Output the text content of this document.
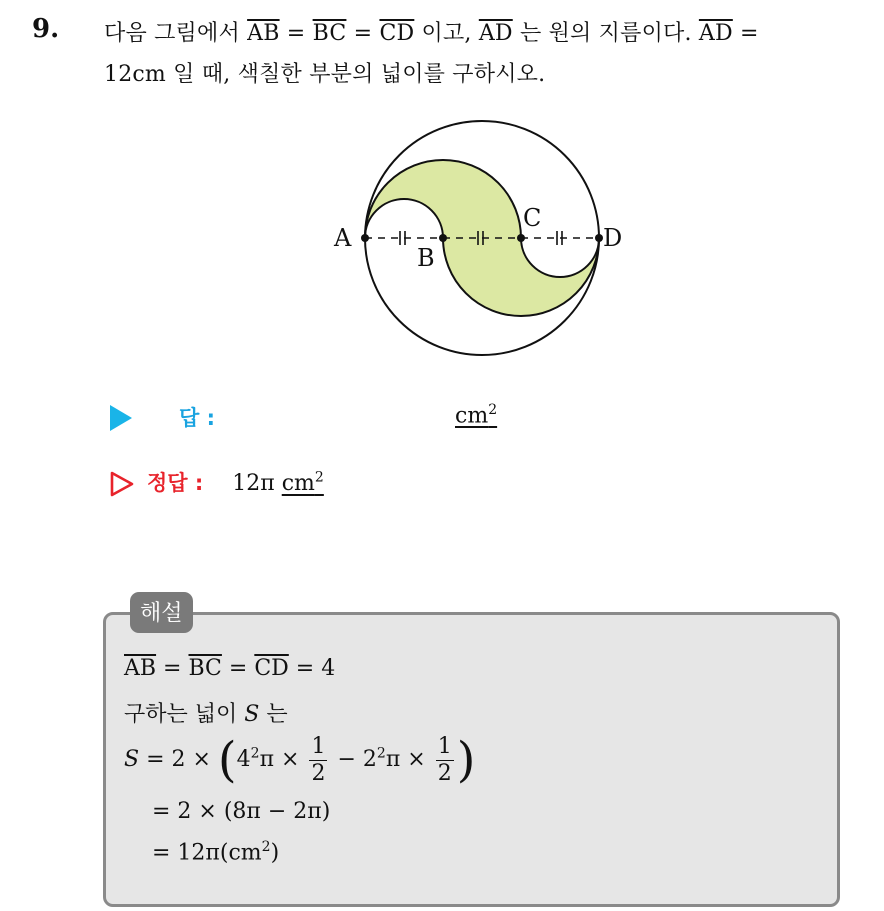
9. 다음 그림에서 $\overline{AB} = \overline{BC} = \overline{CD}$ 이고, $\overline{AD}$ 는 원의 지름이다. $\overline{AD}$ =
12cm 일 때, 색칠한 부분의 넓이를 구하시오.
A
B
C
D
답 :	$cm^2$
정답 : 12π $cm^2$
해설
$\overline{AB} = \overline{BC} = \overline{CD} = 4$
구하는 넓이 S 는
$S = 2 \times (4^2\pi \times \frac{1}{2} - 2^2\pi \times \frac{1}{2}$ )
= 2 × (8π − 2π)
= $12\pi(cm^2)$
